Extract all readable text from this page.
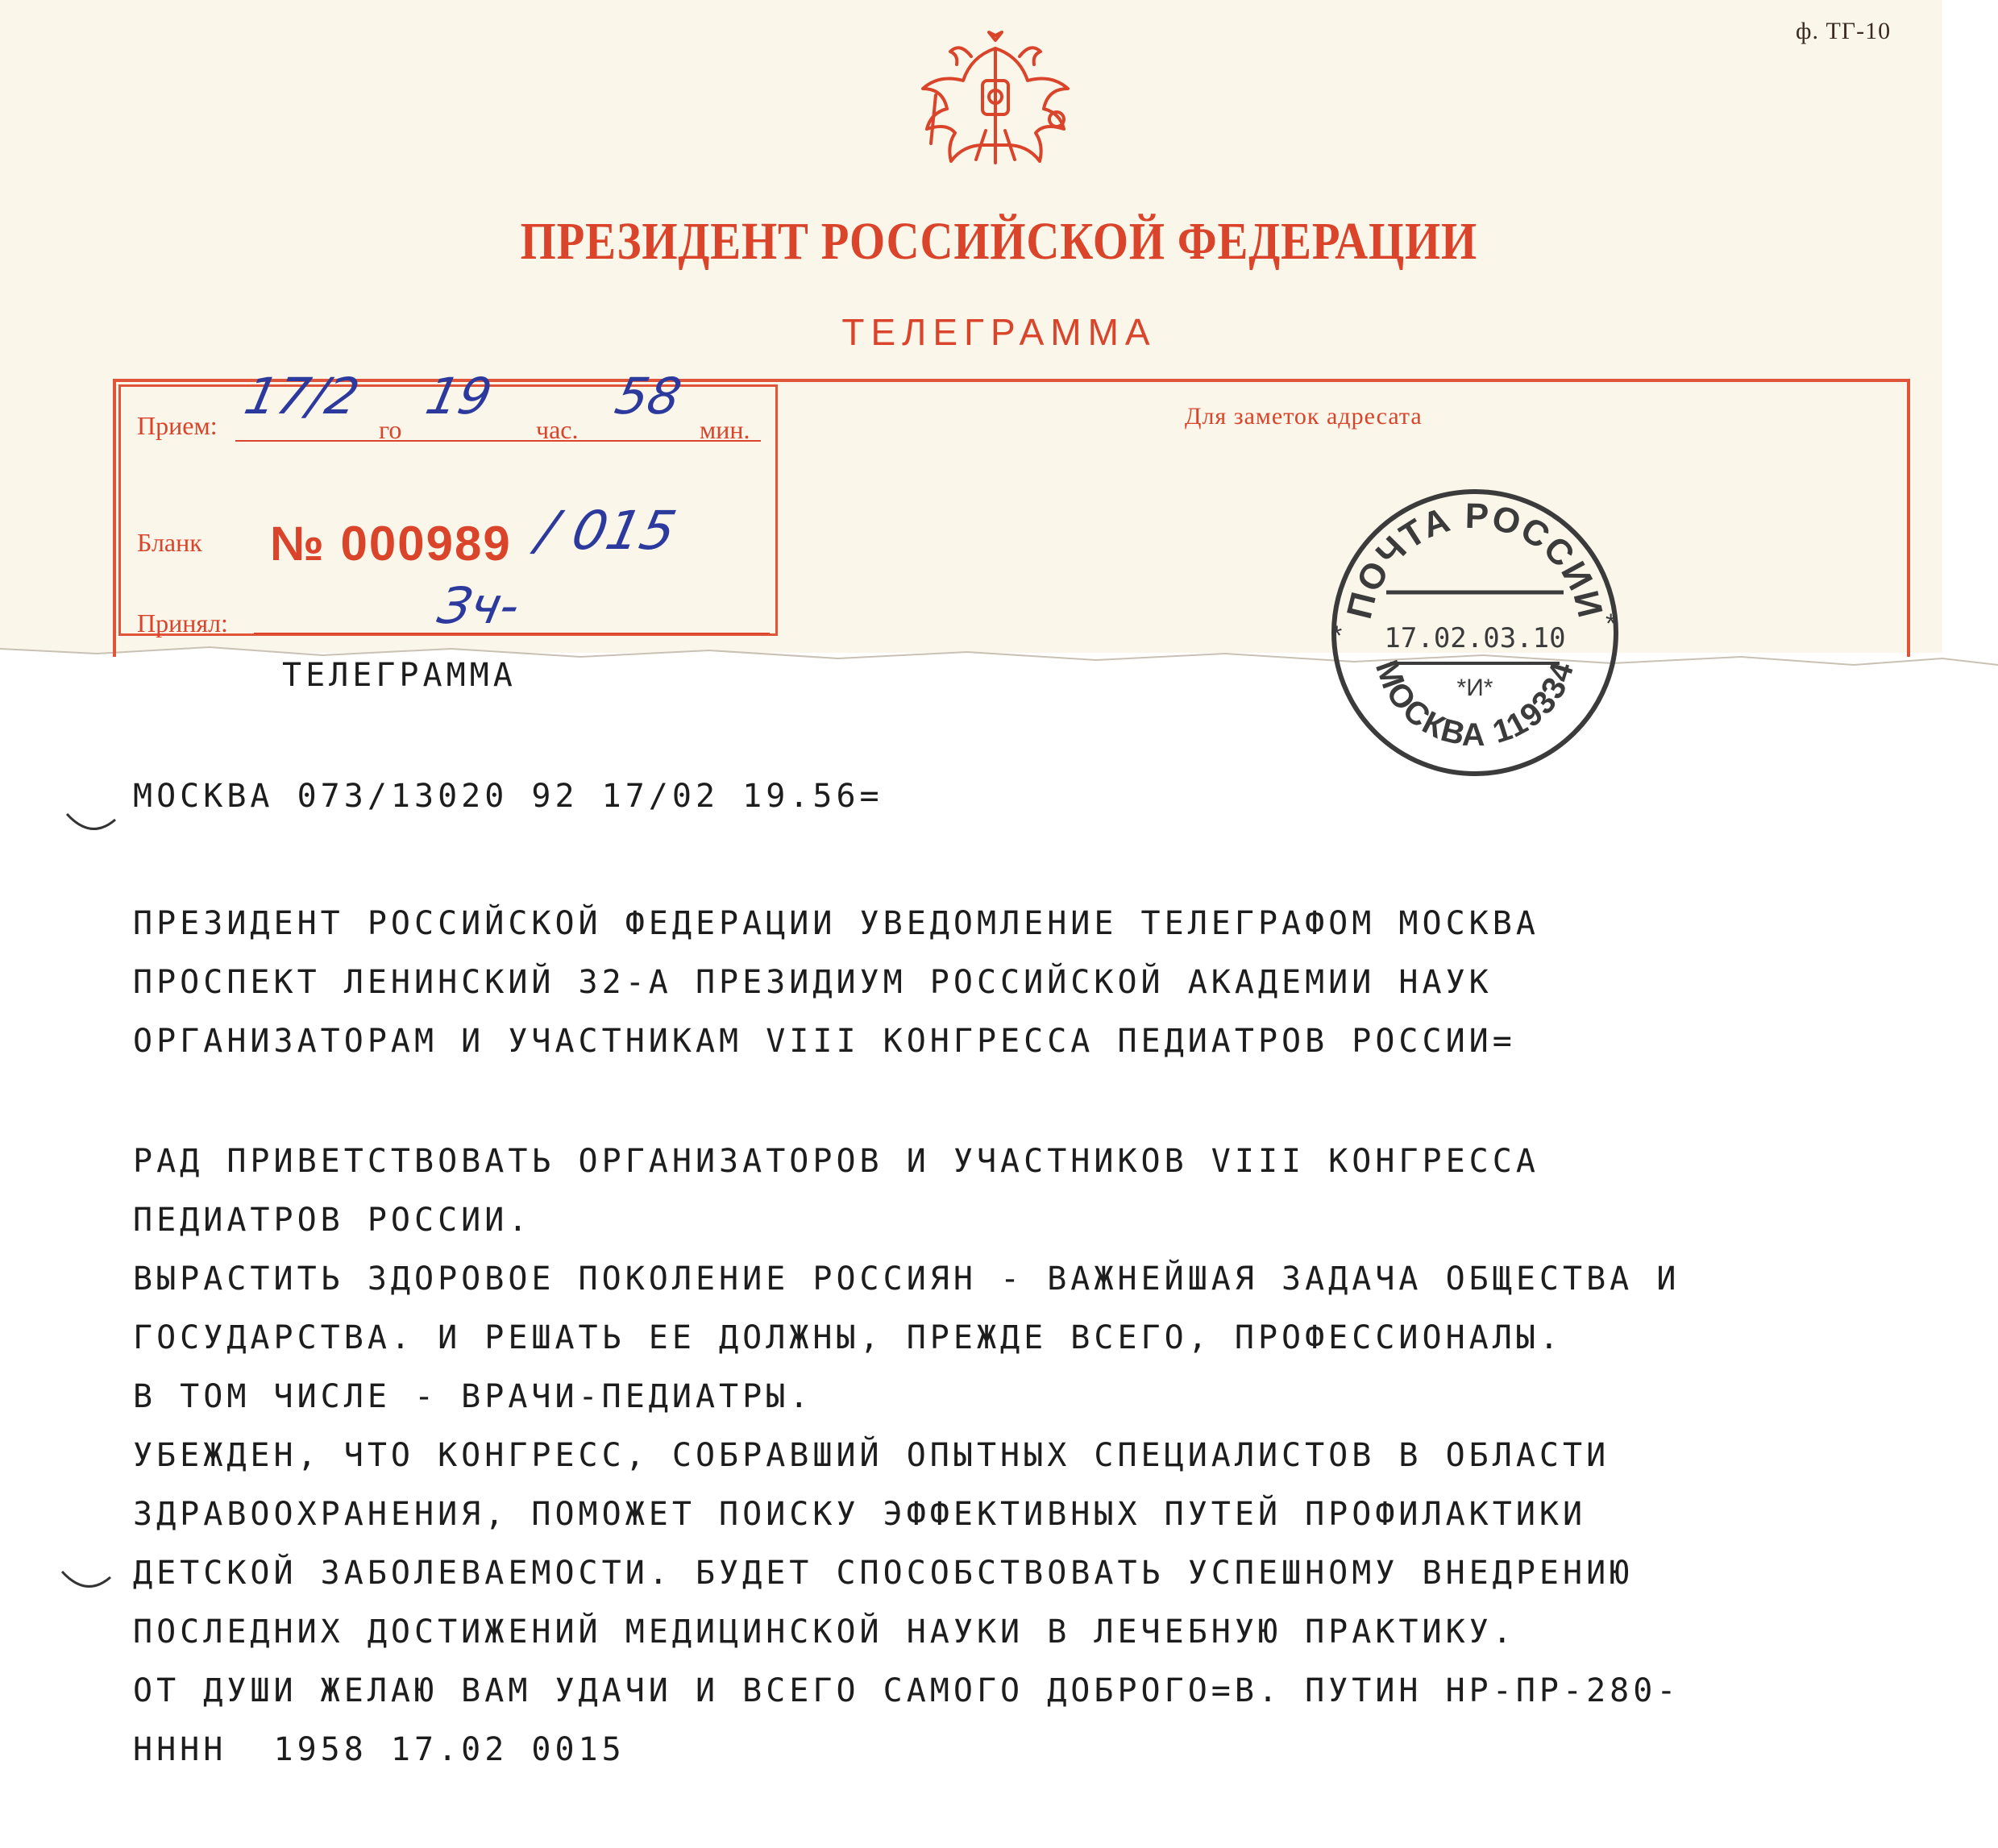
ф. ТГ-10
ПРЕЗИДЕНТ РОССИЙСКОЙ ФЕДЕРАЦИИ
ТЕЛЕГРАММА
Прием: 17/2
го
19
час.
58
мин.
Бланк № 000989 / 015
Принял:	Зч-
Для заметок адресата
ПОЧТА РОССИИ
17.02.03.10
*	*
*И*
МОСКВА 119334
ТЕЛЕГРАММА
МОСКВА 073/13020 92 17/02 19.56=
ПРЕЗИДЕНТ РОССИЙСКОЙ ФЕДЕРАЦИИ УВЕДОМЛЕНИЕ ТЕЛЕГРАФОМ МОСКВА
ПРОСПЕКТ ЛЕНИНСКИЙ 32-А ПРЕЗИДИУМ РОССИЙСКОЙ АКАДЕМИИ НАУК
ОРГАНИЗАТОРАМ И УЧАСТНИКАМ VIII КОНГРЕССА ПЕДИАТРОВ РОССИИ=
РАД ПРИВЕТСТВОВАТЬ ОРГАНИЗАТОРОВ И УЧАСТНИКОВ VIII КОНГРЕССА
ПЕДИАТРОВ РОССИИ.
ВЫРАСТИТЬ ЗДОРОВОЕ ПОКОЛЕНИЕ РОССИЯН - ВАЖНЕЙШАЯ ЗАДАЧА ОБЩЕСТВА И
ГОСУДАРСТВА. И РЕШАТЬ ЕЕ ДОЛЖНЫ, ПРЕЖДЕ ВСЕГО, ПРОФЕССИОНАЛЫ.
В ТОМ ЧИСЛЕ - ВРАЧИ-ПЕДИАТРЫ.
УБЕЖДЕН, ЧТО КОНГРЕСС, СОБРАВШИЙ ОПЫТНЫХ СПЕЦИАЛИСТОВ В ОБЛАСТИ
ЗДРАВООХРАНЕНИЯ, ПОМОЖЕТ ПОИСКУ ЭФФЕКТИВНЫХ ПУТЕЙ ПРОФИЛАКТИКИ
ДЕТСКОЙ ЗАБОЛЕВАЕМОСТИ. БУДЕТ СПОСОБСТВОВАТЬ УСПЕШНОМУ ВНЕДРЕНИЮ
ПОСЛЕДНИХ ДОСТИЖЕНИЙ МЕДИЦИНСКОЙ НАУКИ В ЛЕЧЕБНУЮ ПРАКТИКУ.
ОТ ДУШИ ЖЕЛАЮ ВАМ УДАЧИ И ВСЕГО САМОГО ДОБРОГО=В. ПУТИН НР-ПР-280-
НННН  1958 17.02 0015
